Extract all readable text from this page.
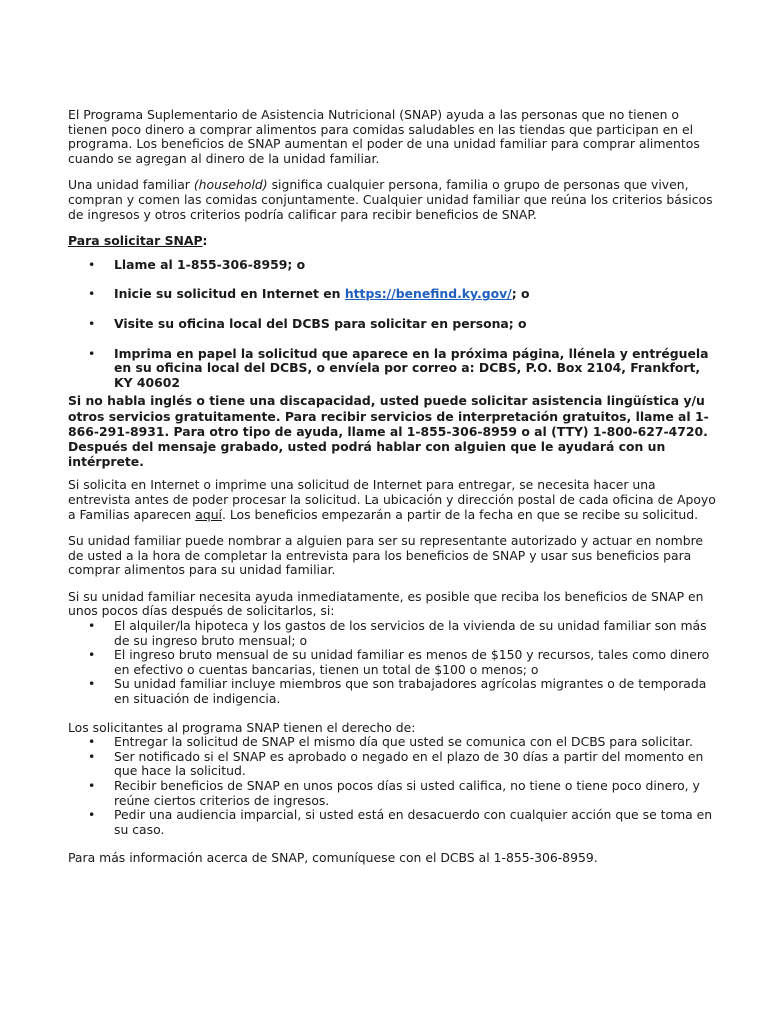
El Programa Suplementario de Asistencia Nutricional (SNAP) ayuda a las personas que no tienen o tienen poco dinero a comprar alimentos para comidas saludables en las tiendas que participan en el programa. Los beneficios de SNAP aumentan el poder de una unidad familiar para comprar alimentos cuando se agregan al dinero de la unidad familiar.

Una unidad familiar (household) significa cualquier persona, familia o grupo de personas que viven, compran y comen las comidas conjuntamente. Cualquier unidad familiar que reúna los criterios básicos de ingresos y otros criterios podría calificar para recibir beneficios de SNAP.

Para solicitar SNAP:

• Llame al 1-855-306-8959; o
• Inicie su solicitud en Internet en https://benefind.ky.gov/; o
• Visite su oficina local del DCBS para solicitar en persona; o
• Imprima en papel la solicitud que aparece en la próxima página, llénela y entréguela en su oficina local del DCBS, o envíela por correo a: DCBS, P.O. Box 2104, Frankfort, KY 40602

Si no habla inglés o tiene una discapacidad, usted puede solicitar asistencia lingüística y/u otros servicios gratuitamente. Para recibir servicios de interpretación gratuitos, llame al 1-866-291-8931. Para otro tipo de ayuda, llame al 1-855-306-8959 o al (TTY) 1-800-627-4720. Después del mensaje grabado, usted podrá hablar con alguien que le ayudará con un intérprete.

Si solicita en Internet o imprime una solicitud de Internet para entregar, se necesita hacer una entrevista antes de poder procesar la solicitud. La ubicación y dirección postal de cada oficina de Apoyo a Familias aparecen aquí. Los beneficios empezarán a partir de la fecha en que se recibe su solicitud.

Su unidad familiar puede nombrar a alguien para ser su representante autorizado y actuar en nombre de usted a la hora de completar la entrevista para los beneficios de SNAP y usar sus beneficios para comprar alimentos para su unidad familiar.

Si su unidad familiar necesita ayuda inmediatamente, es posible que reciba los beneficios de SNAP en unos pocos días después de solicitarlos, si:

• El alquiler/la hipoteca y los gastos de los servicios de la vivienda de su unidad familiar son más de su ingreso bruto mensual; o
• El ingreso bruto mensual de su unidad familiar es menos de $150 y recursos, tales como dinero en efectivo o cuentas bancarias, tienen un total de $100 o menos; o
• Su unidad familiar incluye miembros que son trabajadores agrícolas migrantes o de temporada en situación de indigencia.

Los solicitantes al programa SNAP tienen el derecho de:

• Entregar la solicitud de SNAP el mismo día que usted se comunica con el DCBS para solicitar.
• Ser notificado si el SNAP es aprobado o negado en el plazo de 30 días a partir del momento en que hace la solicitud.
• Recibir beneficios de SNAP en unos pocos días si usted califica, no tiene o tiene poco dinero, y reúne ciertos criterios de ingresos.
• Pedir una audiencia imparcial, si usted está en desacuerdo con cualquier acción que se toma en su caso.

Para más información acerca de SNAP, comuníquese con el DCBS al 1-855-306-8959.
